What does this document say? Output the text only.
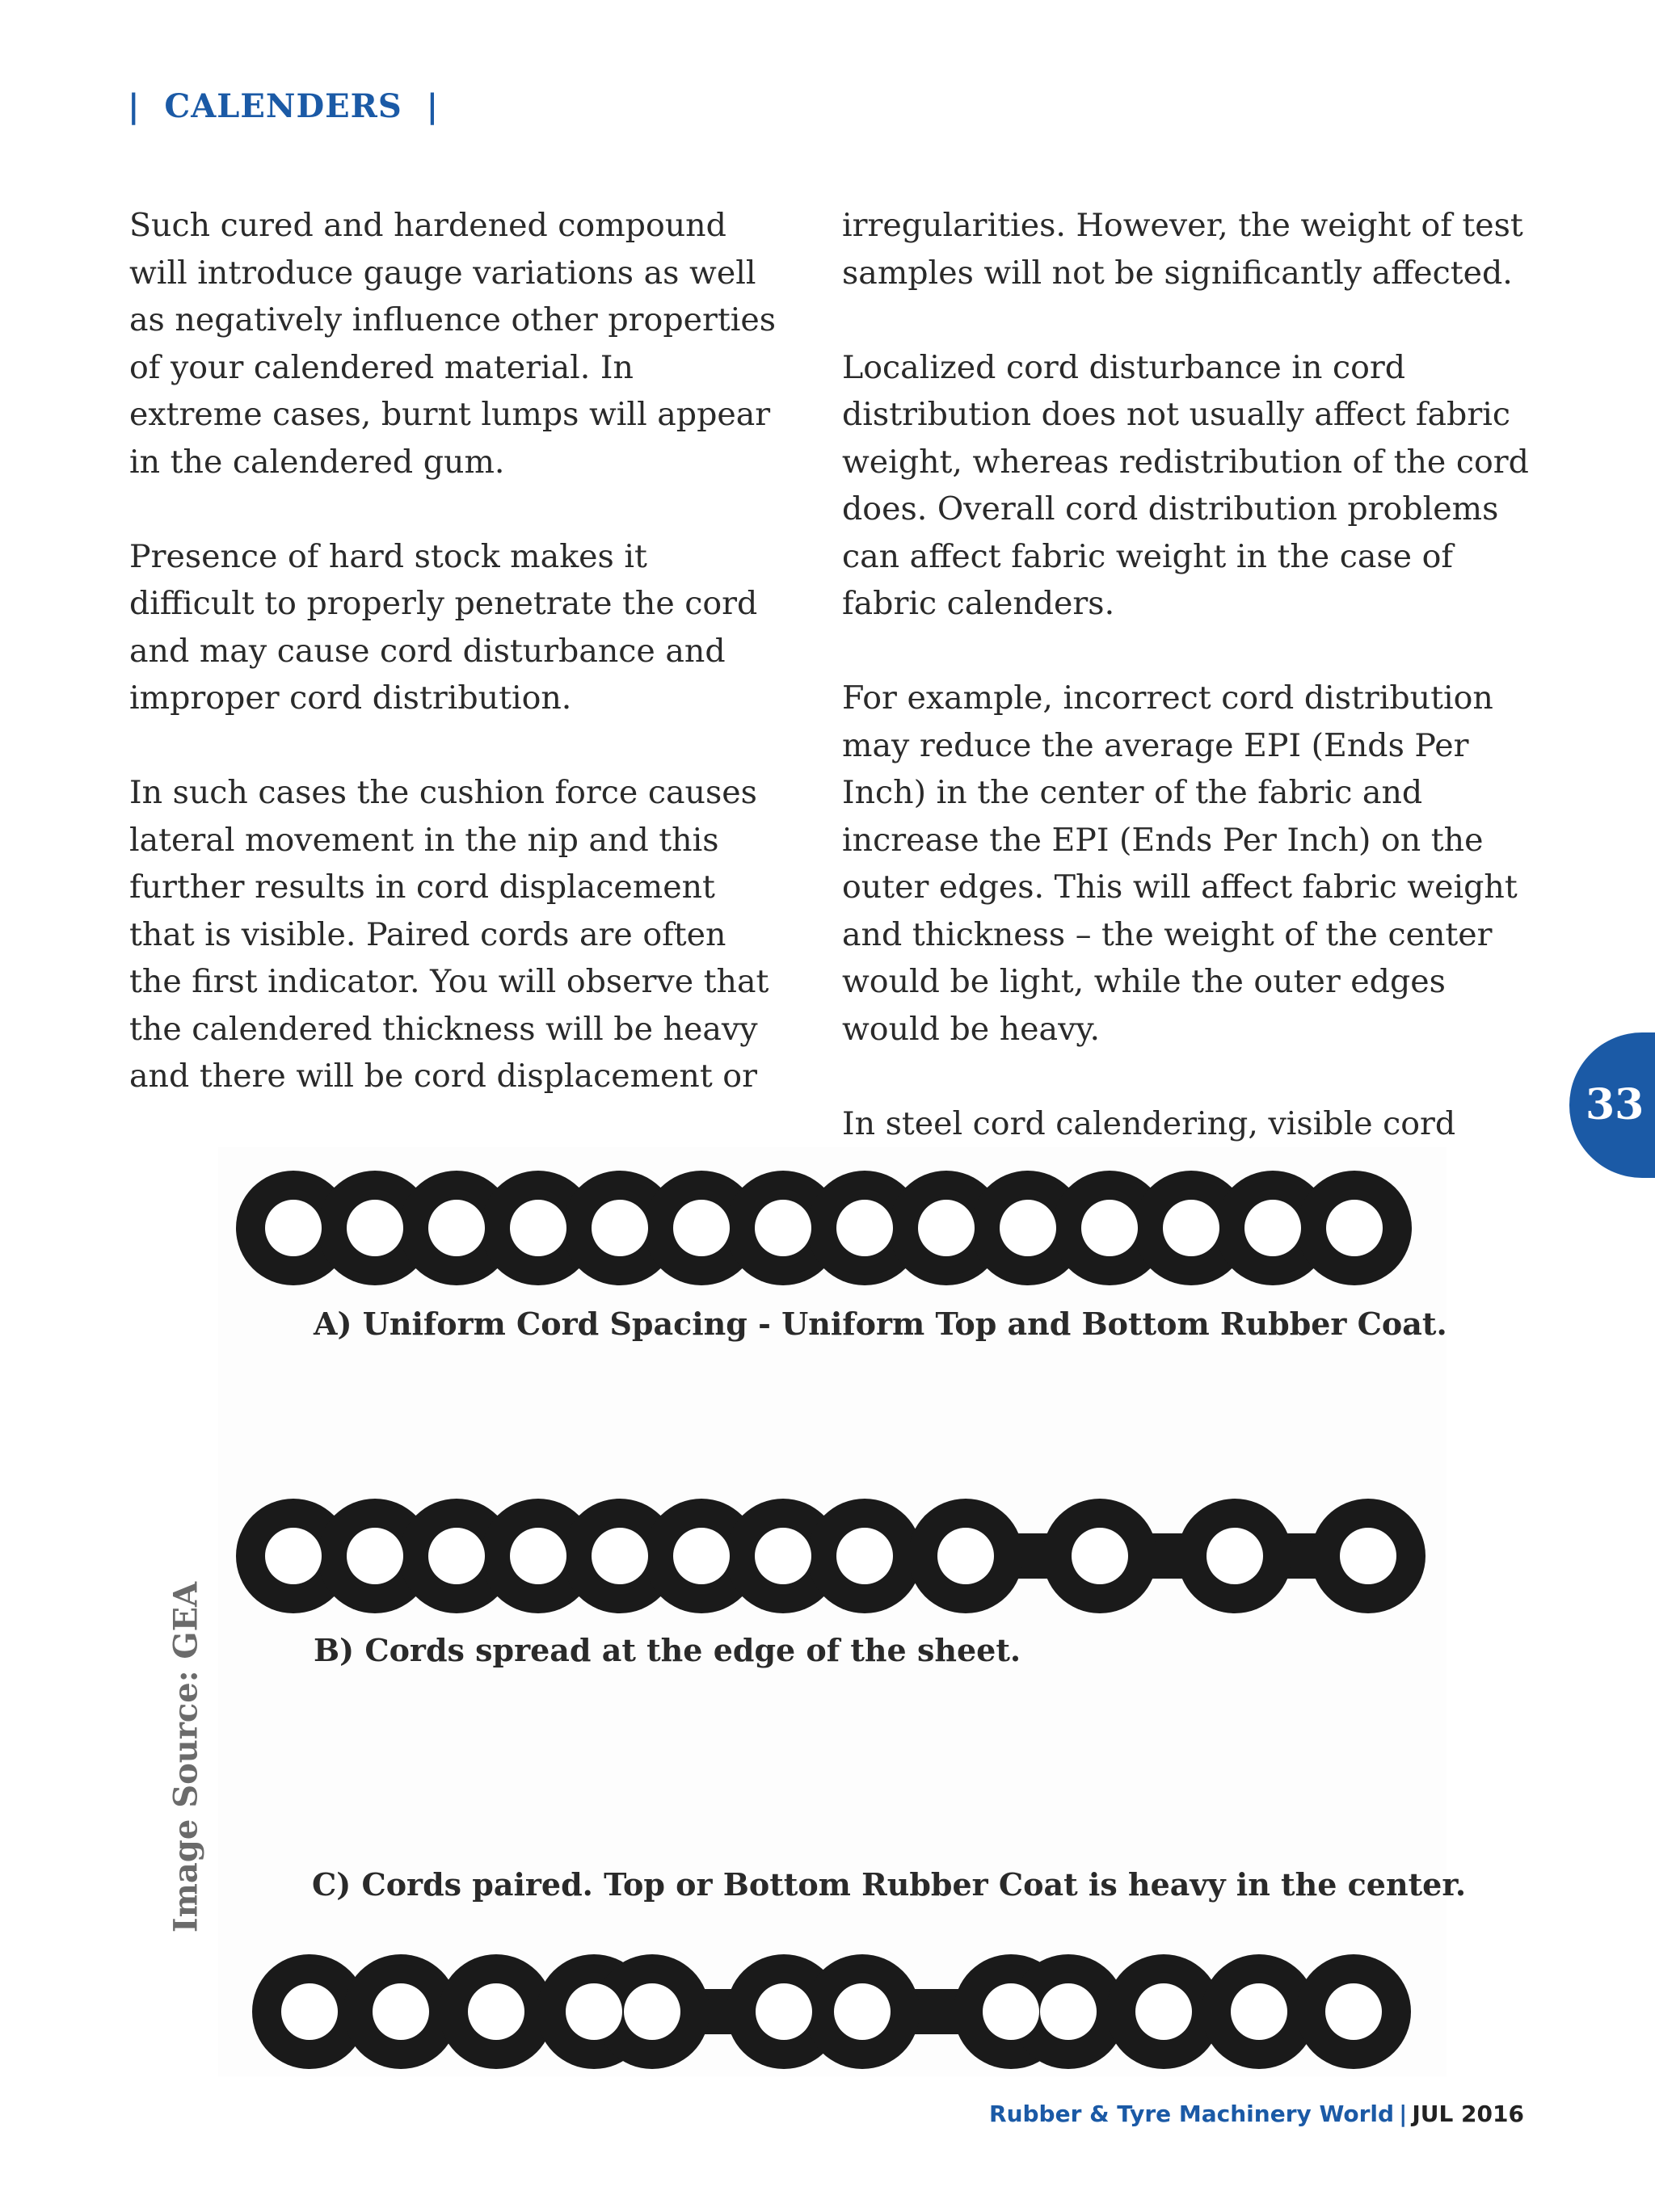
|  CALENDERS  |

Such cured and hardened compound will introduce gauge variations as well as negatively influence other properties of your calendered material. In extreme cases, burnt lumps will appear in the calendered gum.

Presence of hard stock makes it difficult to properly penetrate the cord and may cause cord disturbance and improper cord distribution.

In such cases the cushion force causes lateral movement in the nip and this further results in cord displacement that is visible. Paired cords are often the first indicator. You will observe that the calendered thickness will be heavy and there will be cord displacement or

irregularities. However, the weight of test samples will not be significantly affected.

Localized cord disturbance in cord distribution does not usually affect fabric weight, whereas redistribution of the cord does. Overall cord distribution problems can affect fabric weight in the case of fabric calenders.

For example, incorrect cord distribution may reduce the average EPI (Ends Per Inch) in the center of the fabric and increase the EPI (Ends Per Inch) on the outer edges. This will affect fabric weight and thickness – the weight of the center would be light, while the outer edges would be heavy.

In steel cord calendering, visible cord	33
A) Uniform Cord Spacing - Uniform Top and Bottom Rubber Coat.
B) Cords spread at the edge of the sheet.
C) Cords paired. Top or Bottom Rubber Coat is heavy in the center.
Image Source: GEA
Rubber & Tyre Machinery World | JUL 2016
